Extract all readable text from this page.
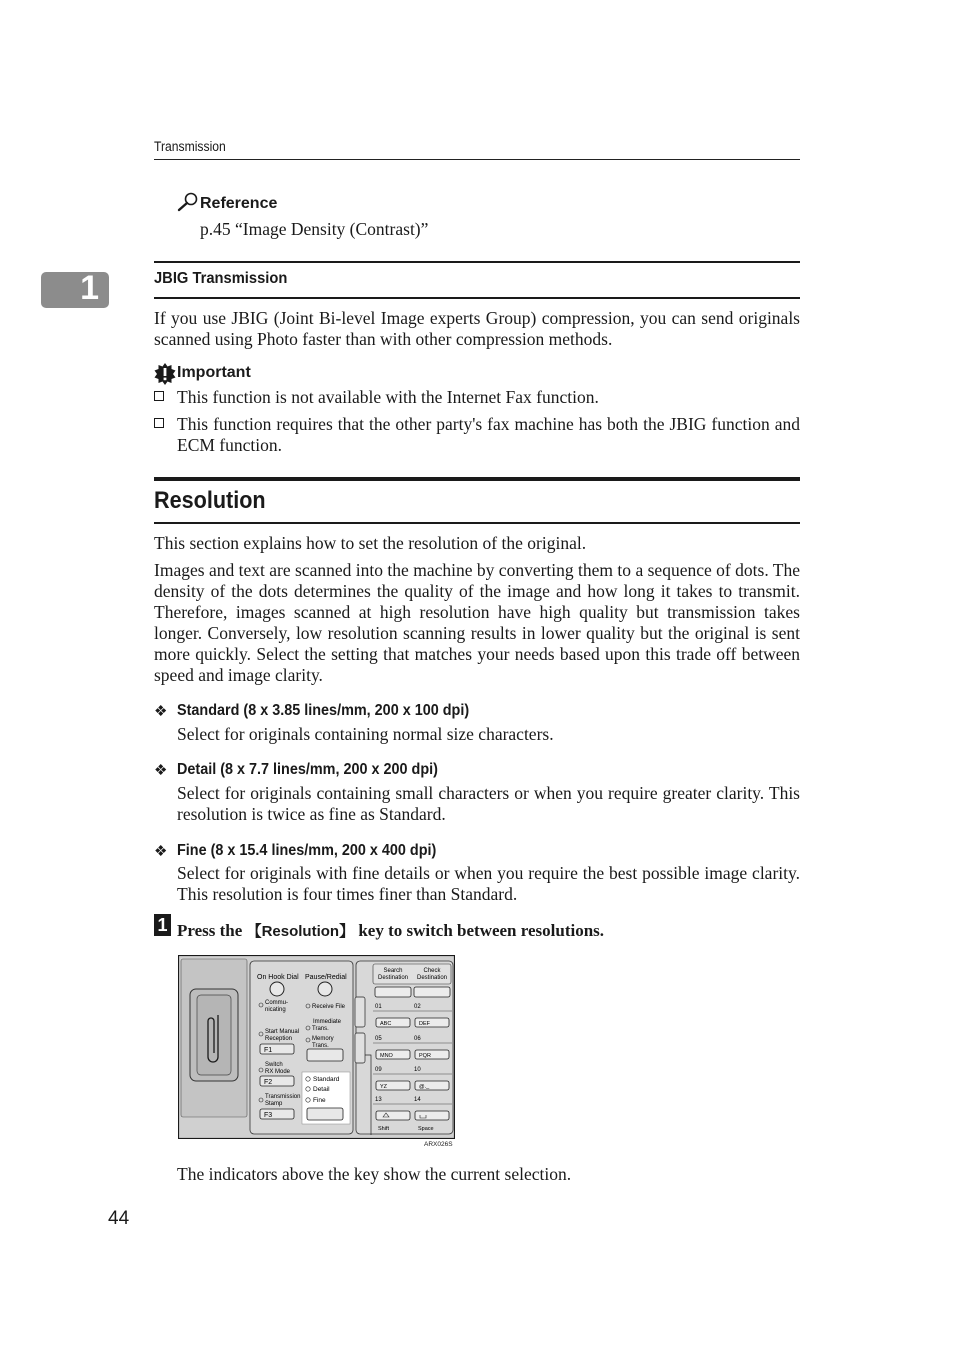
Transmission
1
Reference
p.45 “Image Density (Contrast)”
JBIG Transmission
If you use JBIG (Joint Bi-level Image experts Group) compression, you can send originals scanned using Photo faster than with other compression methods.
Important
This function is not available with the Internet Fax function.
This function requires that the other party's fax machine has both the JBIG function and ECM function.
Resolution
This section explains how to set the resolution of the original.
Images and text are scanned into the machine by converting them to a sequence of dots. The density of the dots determines the quality of the image and how long it takes to transmit. Therefore, images scanned at high resolution have high quality but transmission takes longer. Conversely, low resolution scanning results in lower quality but the original is sent more quickly. Select the setting that matches your needs based upon this trade off between speed and image clarity.
❖ Standard (8 x 3.85 lines/mm, 200 x 100 dpi)
Select for originals containing normal size characters.
❖ Detail (8 x 7.7 lines/mm, 200 x 200 dpi)
Select for originals containing small characters or when you require greater clarity. This resolution is twice as fine as Standard.
❖ Fine (8 x 15.4 lines/mm, 200 x 400 dpi)
Select for originals with fine details or when you require the best possible image clarity. This resolution is four times finer than Standard.
1 Press the 【Resolution】 key to switch between resolutions.
On Hook Dial Pause/Redial
Commu-
nicating	Receive File
Immediate
Trans.
Start Manual
Reception	Memory
Trans.
F1
Switch
RX Mode
F2
Transmission
Stamp
F3
Standard
Detail
Fine
Search
Destination
Check
Destination
01	02
ABC	DEF
05	06
MNO	PQR
09	10
YZ	@._
13	14
Shift	Space
ARX026S
The indicators above the key show the current selection.
44
